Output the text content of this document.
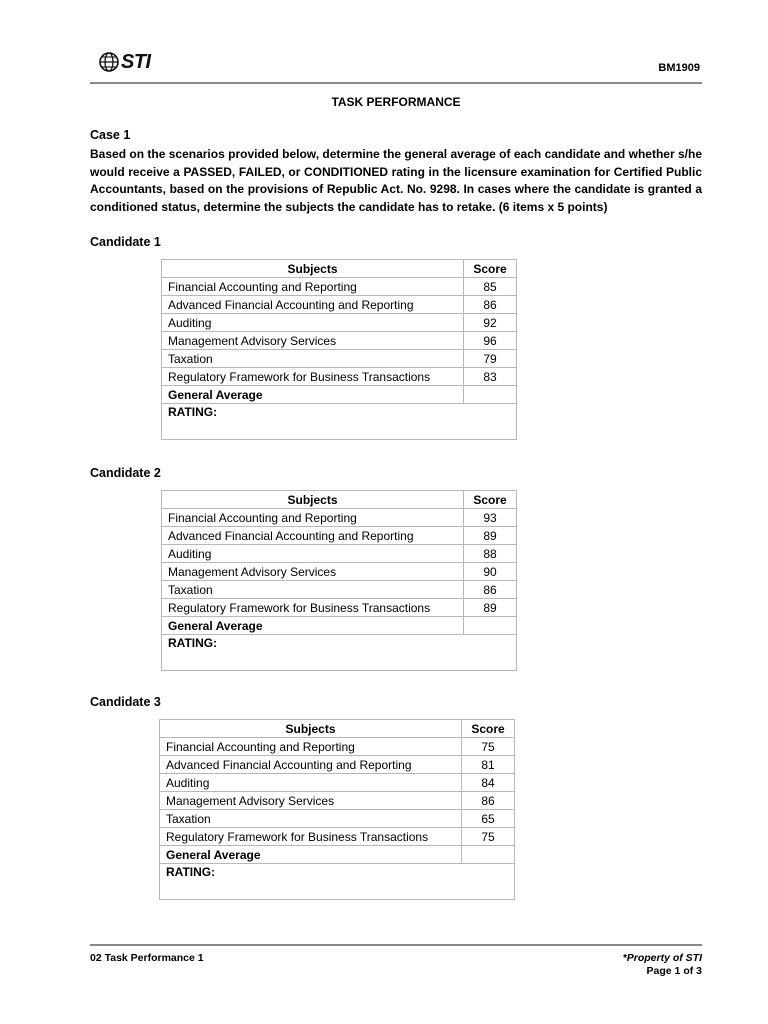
STI	BM1909
TASK PERFORMANCE
Case 1
Based on the scenarios provided below, determine the general average of each candidate and whether s/he would receive a PASSED, FAILED, or CONDITIONED rating in the licensure examination for Certified Public Accountants, based on the provisions of Republic Act. No. 9298. In cases where the candidate is granted a conditioned status, determine the subjects the candidate has to retake. (6 items x 5 points)
Candidate 1
Subjects	Score
Financial Accounting and Reporting	85
Advanced Financial Accounting and Reporting	86
Auditing	92
Management Advisory Services	96
Taxation	79
Regulatory Framework for Business Transactions	83
General Average	
RATING:	
Candidate 2
Subjects	Score
Financial Accounting and Reporting	93
Advanced Financial Accounting and Reporting	89
Auditing	88
Management Advisory Services	90
Taxation	86
Regulatory Framework for Business Transactions	89
General Average	
RATING:	
Candidate 3
Subjects	Score
Financial Accounting and Reporting	75
Advanced Financial Accounting and Reporting	81
Auditing	84
Management Advisory Services	86
Taxation	65
Regulatory Framework for Business Transactions	75
General Average	
RATING:	
02 Task Performance 1	*Property of STI
Page 1 of 3
